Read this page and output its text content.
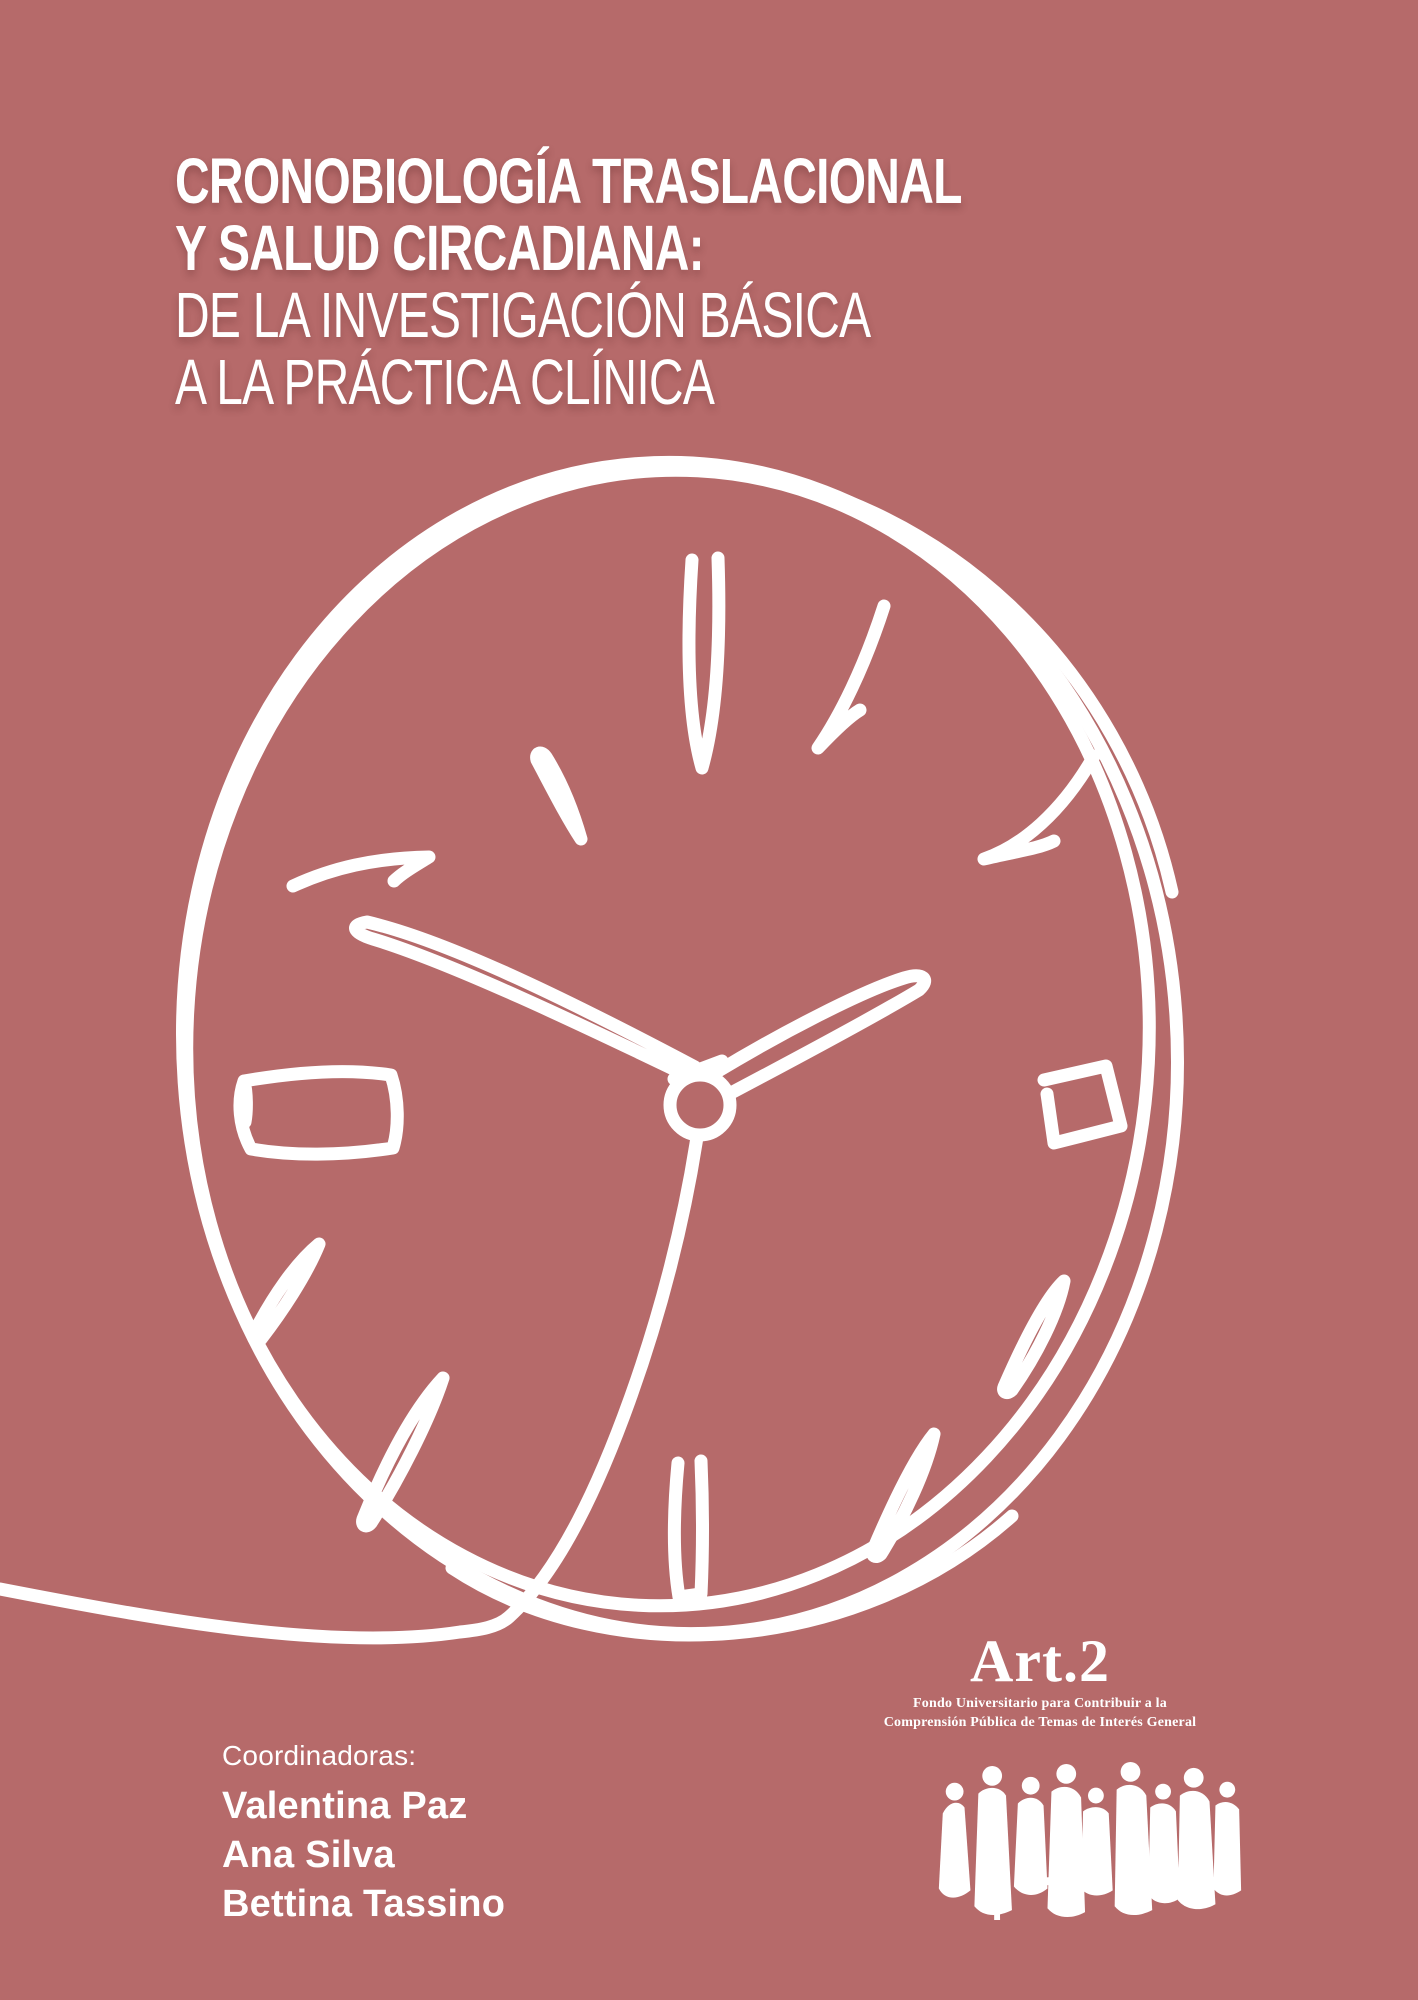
CRONOBIOLOGÍA TRASLACIONAL
Y SALUD CIRCADIANA:
DE LA INVESTIGACIÓN BÁSICA
A LA PRÁCTICA CLÍNICA
Coordinadoras:
Valentina Paz
Ana Silva
Bettina Tassino
Art.2
Fondo Universitario para Contribuir a la
Comprensión Pública de Temas de Interés General
